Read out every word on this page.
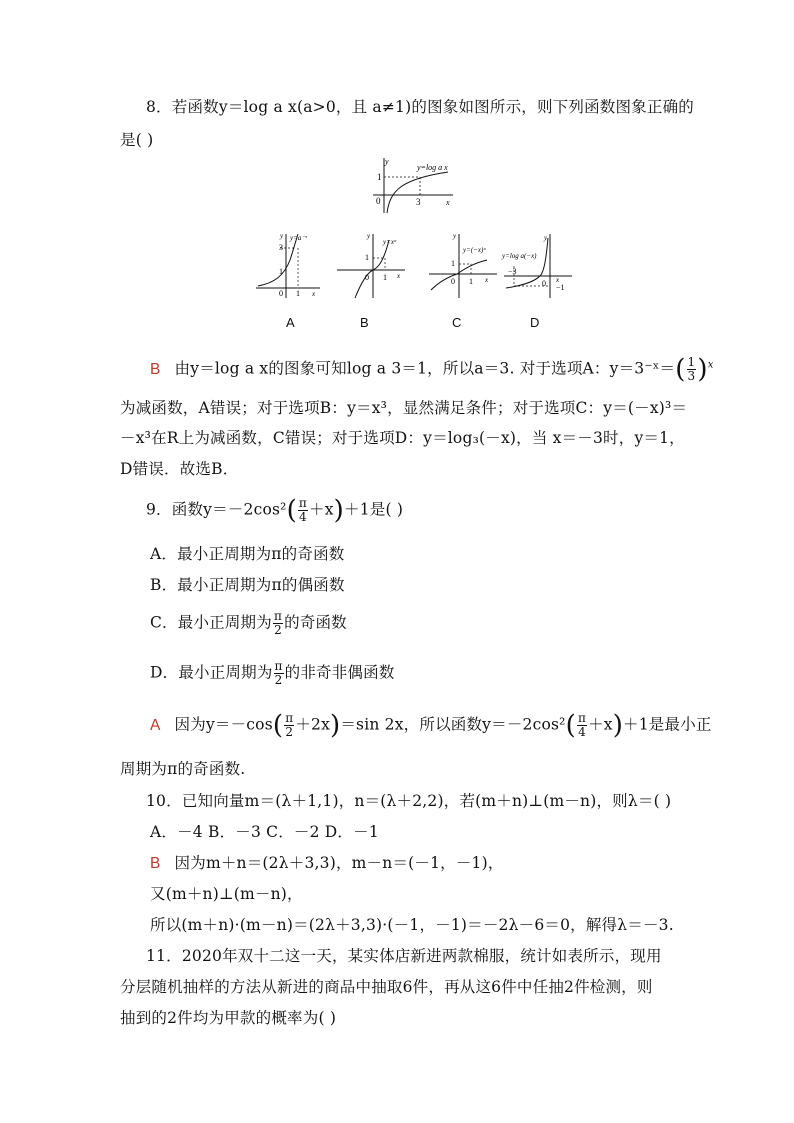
8．若函数y＝log a x(a>0，且 a≠1)的图象如图所示，则下列函数图象正确的
是( )
1
0	3
y
x
y=log a x
3
1
0 1 x
y y=a⁻ˣ
1
0 1 x
y
y=xᵃ
1
0 1 x
y
y=(−x)ᵃ
−3
0 x
−1
y
y=log a(−x)
A	B	C	D
B 由y＝log a x的图象可知log a 3＝1，所以a＝3. 对于选项A：y＝3⁻ˣ＝( $\frac{1}{3} )^x$
为减函数，A错误；对于选项B：y＝x³，显然满足条件；对于选项C：y＝(－x)³＝
－x³在R上为减函数，C错误；对于选项D：y＝log₃(－x)，当 x＝－3时，y＝1，
D错误．故选B．
9．函数$y=-2\cos^2( \frac{\pi}{4} +x)+1$是( )
A．最小正周期为π的奇函数
B．最小正周期为π的偶函数
C．最小正周期为 $\frac{\pi}{2}$ 的奇函数
D．最小正周期为 $\frac{\pi}{2}$ 的非奇非偶函数
A 因为$y=-\cos( \frac{\pi}{2} +2x)=\sin$ 2x，所以函数$y=-2\cos^2( \frac{\pi}{4} +x)+1$是最小正
周期为π的奇函数.
10．已知向量m＝(λ＋1,1)，n＝(λ＋2,2)，若(m＋n)⊥(m－n)，则λ＝( )
A．－4 B．－3 C．－2 D．－1
B 因为m＋n＝(2λ＋3,3)，m－n＝(－1，－1)，
又(m＋n)⊥(m－n)，
所以(m＋n)·(m－n)＝(2λ＋3,3)·(－1，－1)＝－2λ－6＝0，解得λ＝－3.
11．2020年双十二这一天，某实体店新进两款棉服，统计如表所示，现用
分层随机抽样的方法从新进的商品中抽取6件，再从这6件中任抽2件检测，则
抽到的2件均为甲款的概率为( )
